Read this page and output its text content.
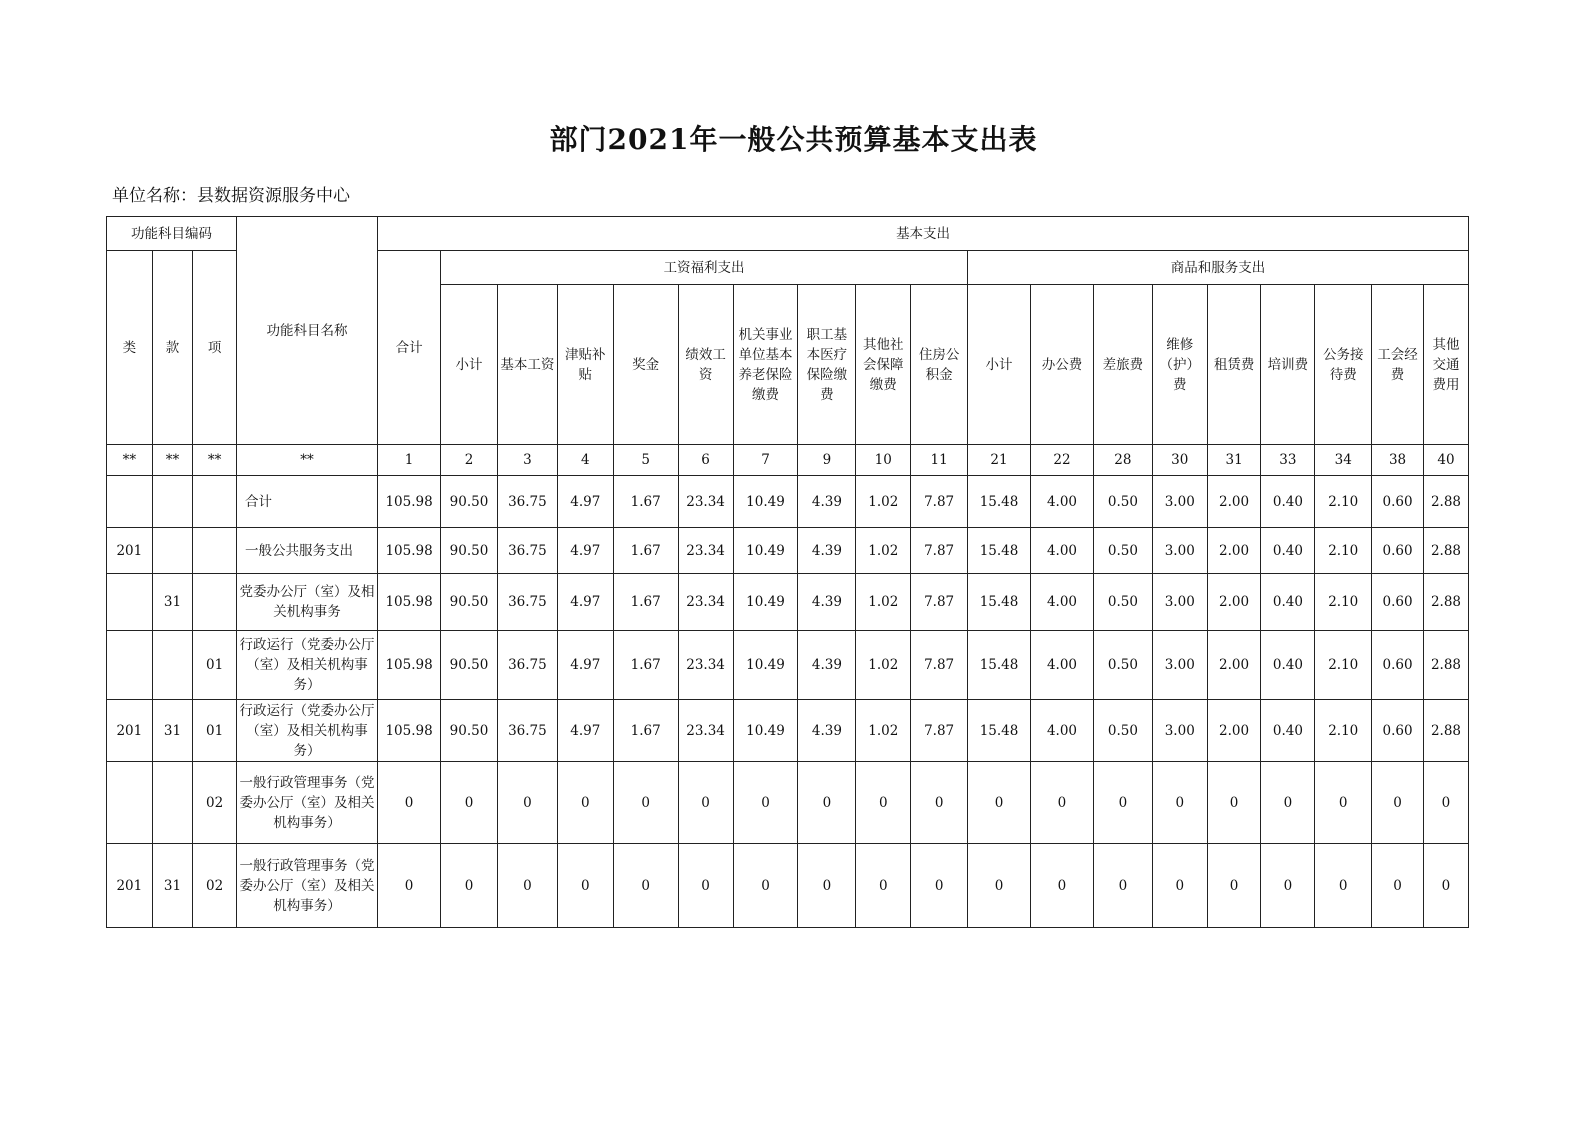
部门2021年一般公共预算基本支出表
单位名称：县数据资源服务中心
功能科目编码			功能科目名称	基本支出																		
类	款	项		合计	工资福利支出									商品和服务支出								
					小计	基本工资	津贴补贴	奖金	绩效工资	机关事业单位基本养老保险缴费	职工基本医疗保险缴费	其他社会保障缴费	住房公积金	小计	办公费	差旅费	维修（护）费	租赁费	培训费	公务接待费	工会经费	其他交通费用
**	**	**	**	1	2	3	4	5	6	7	9	10	11	21	22	28	30	31	33	34	38	40
			合计	105.98	90.50	36.75	4.97	1.67	23.34	10.49	4.39	1.02	7.87	15.48	4.00	0.50	3.00	2.00	0.40	2.10	0.60	2.88
201			一般公共服务支出	105.98	90.50	36.75	4.97	1.67	23.34	10.49	4.39	1.02	7.87	15.48	4.00	0.50	3.00	2.00	0.40	2.10	0.60	2.88
	31		党委办公厅（室）及相关机构事务	105.98	90.50	36.75	4.97	1.67	23.34	10.49	4.39	1.02	7.87	15.48	4.00	0.50	3.00	2.00	0.40	2.10	0.60	2.88
		01	行政运行（党委办公厅（室）及相关机构事务）	105.98	90.50	36.75	4.97	1.67	23.34	10.49	4.39	1.02	7.87	15.48	4.00	0.50	3.00	2.00	0.40	2.10	0.60	2.88
201	31	01	行政运行（党委办公厅（室）及相关机构事务）	105.98	90.50	36.75	4.97	1.67	23.34	10.49	4.39	1.02	7.87	15.48	4.00	0.50	3.00	2.00	0.40	2.10	0.60	2.88
		02	一般行政管理事务（党委办公厅（室）及相关机构事务）	0	0	0	0	0	0	0	0	0	0	0	0	0	0	0	0	0	0	0
201	31	02	一般行政管理事务（党委办公厅（室）及相关机构事务）	0	0	0	0	0	0	0	0	0	0	0	0	0	0	0	0	0	0	0
